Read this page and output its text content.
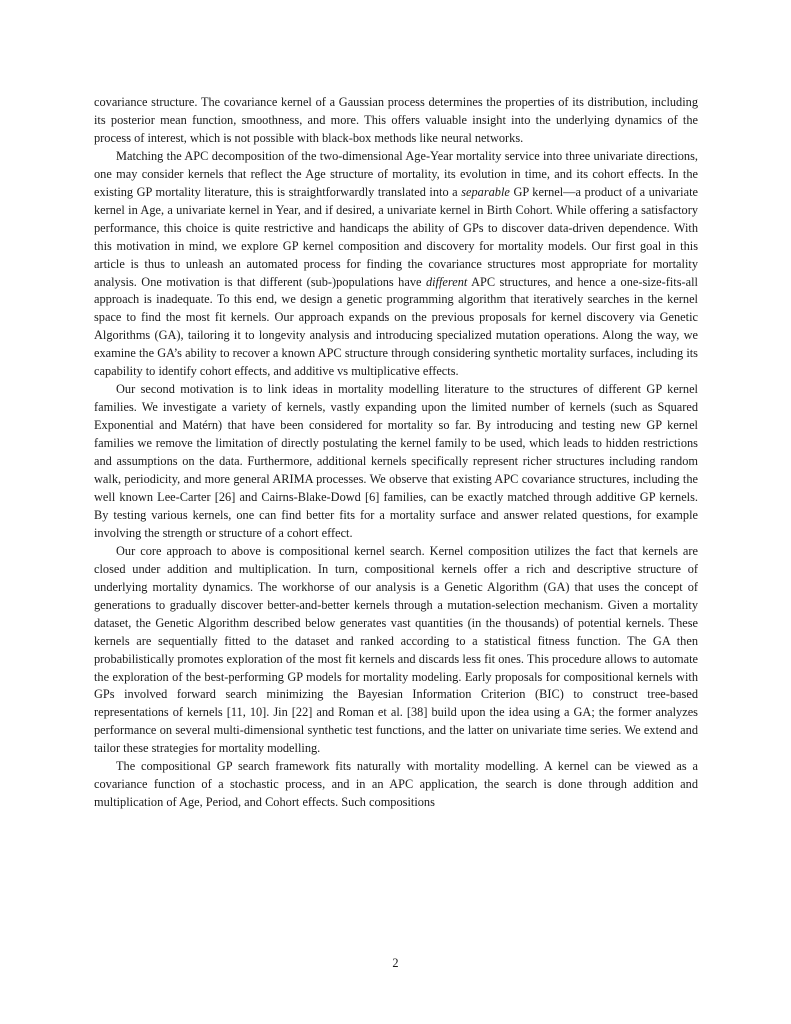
covariance structure. The covariance kernel of a Gaussian process determines the properties of its distribution, including its posterior mean function, smoothness, and more. This offers valuable insight into the underlying dynamics of the process of interest, which is not possible with black-box methods like neural networks.

Matching the APC decomposition of the two-dimensional Age-Year mortality service into three univariate directions, one may consider kernels that reflect the Age structure of mortality, its evolution in time, and its cohort effects. In the existing GP mortality literature, this is straightforwardly translated into a separable GP kernel—a product of a univariate kernel in Age, a univariate kernel in Year, and if desired, a univariate kernel in Birth Cohort. While offering a satisfactory performance, this choice is quite restrictive and handicaps the ability of GPs to discover data-driven dependence. With this motivation in mind, we explore GP kernel composition and discovery for mortality models. Our first goal in this article is thus to unleash an automated process for finding the covariance structures most appropriate for mortality analysis. One motivation is that different (sub-)populations have different APC structures, and hence a one-size-fits-all approach is inadequate. To this end, we design a genetic programming algorithm that iteratively searches in the kernel space to find the most fit kernels. Our approach expands on the previous proposals for kernel discovery via Genetic Algorithms (GA), tailoring it to longevity analysis and introducing specialized mutation operations. Along the way, we examine the GA’s ability to recover a known APC structure through considering synthetic mortality surfaces, including its capability to identify cohort effects, and additive vs multiplicative effects.

Our second motivation is to link ideas in mortality modelling literature to the structures of different GP kernel families. We investigate a variety of kernels, vastly expanding upon the limited number of kernels (such as Squared Exponential and Matérn) that have been considered for mortality so far. By introducing and testing new GP kernel families we remove the limitation of directly postulating the kernel family to be used, which leads to hidden restrictions and assumptions on the data. Furthermore, additional kernels specifically represent richer structures including random walk, periodicity, and more general ARIMA processes. We observe that existing APC covariance structures, including the well known Lee-Carter [26] and Cairns-Blake-Dowd [6] families, can be exactly matched through additive GP kernels. By testing various kernels, one can find better fits for a mortality surface and answer related questions, for example involving the strength or structure of a cohort effect.

Our core approach to above is compositional kernel search. Kernel composition utilizes the fact that kernels are closed under addition and multiplication. In turn, compositional kernels offer a rich and descriptive structure of underlying mortality dynamics. The workhorse of our analysis is a Genetic Algorithm (GA) that uses the concept of generations to gradually discover better-and-better kernels through a mutation-selection mechanism. Given a mortality dataset, the Genetic Algorithm described below generates vast quantities (in the thousands) of potential kernels. These kernels are sequentially fitted to the dataset and ranked according to a statistical fitness function. The GA then probabilistically promotes exploration of the most fit kernels and discards less fit ones. This procedure allows to automate the exploration of the best-performing GP models for mortality modeling. Early proposals for compositional kernels with GPs involved forward search minimizing the Bayesian Information Criterion (BIC) to construct tree-based representations of kernels [11, 10]. Jin [22] and Roman et al. [38] build upon the idea using a GA; the former analyzes performance on several multi-dimensional synthetic test functions, and the latter on univariate time series. We extend and tailor these strategies for mortality modelling.

The compositional GP search framework fits naturally with mortality modelling. A kernel can be viewed as a covariance function of a stochastic process, and in an APC application, the search is done through addition and multiplication of Age, Period, and Cohort effects. Such compositions

2
